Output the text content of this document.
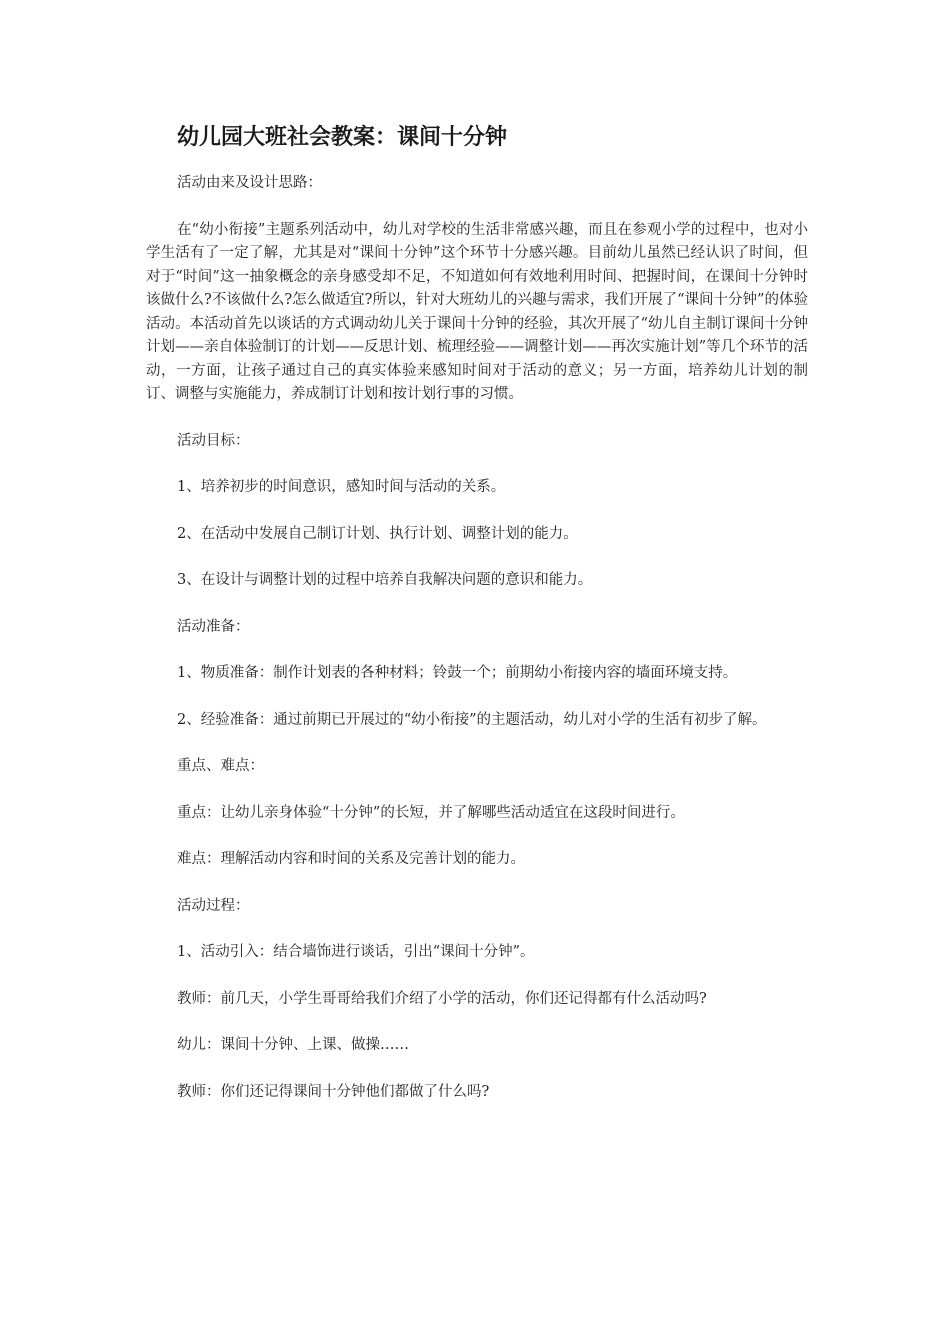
幼儿园大班社会教案：课间十分钟

活动由来及设计思路：

在“幼小衔接”主题系列活动中，幼儿对学校的生活非常感兴趣，而且在参观小学的过程中，也对小学生活有了一定了解，尤其是对“课间十分钟”这个环节十分感兴趣。目前幼儿虽然已经认识了时间，但对于“时间”这一抽象概念的亲身感受却不足，不知道如何有效地利用时间、把握时间，在课间十分钟时该做什么?不该做什么?怎么做适宜?所以，针对大班幼儿的兴趣与需求，我们开展了“课间十分钟”的体验活动。本活动首先以谈话的方式调动幼儿关于课间十分钟的经验，其次开展了“幼儿自主制订课间十分钟计划——亲自体验制订的计划——反思计划、梳理经验——调整计划——再次实施计划”等几个环节的活动，一方面，让孩子通过自己的真实体验来感知时间对于活动的意义；另一方面，培养幼儿计划的制订、调整与实施能力，养成制订计划和按计划行事的习惯。

活动目标：

1、培养初步的时间意识，感知时间与活动的关系。

2、在活动中发展自己制订计划、执行计划、调整计划的能力。

3、在设计与调整计划的过程中培养自我解决问题的意识和能力。

活动准备：

1、物质准备：制作计划表的各种材料；铃鼓一个；前期幼小衔接内容的墙面环境支持。

2、经验准备：通过前期已开展过的“幼小衔接”的主题活动，幼儿对小学的生活有初步了解。

重点、难点：

重点：让幼儿亲身体验“十分钟”的长短，并了解哪些活动适宜在这段时间进行。

难点：理解活动内容和时间的关系及完善计划的能力。

活动过程：

1、活动引入：结合墙饰进行谈话，引出“课间十分钟”。

教师：前几天，小学生哥哥给我们介绍了小学的活动，你们还记得都有什么活动吗?

幼儿：课间十分钟、上课、做操……

教师：你们还记得课间十分钟他们都做了什么吗?
